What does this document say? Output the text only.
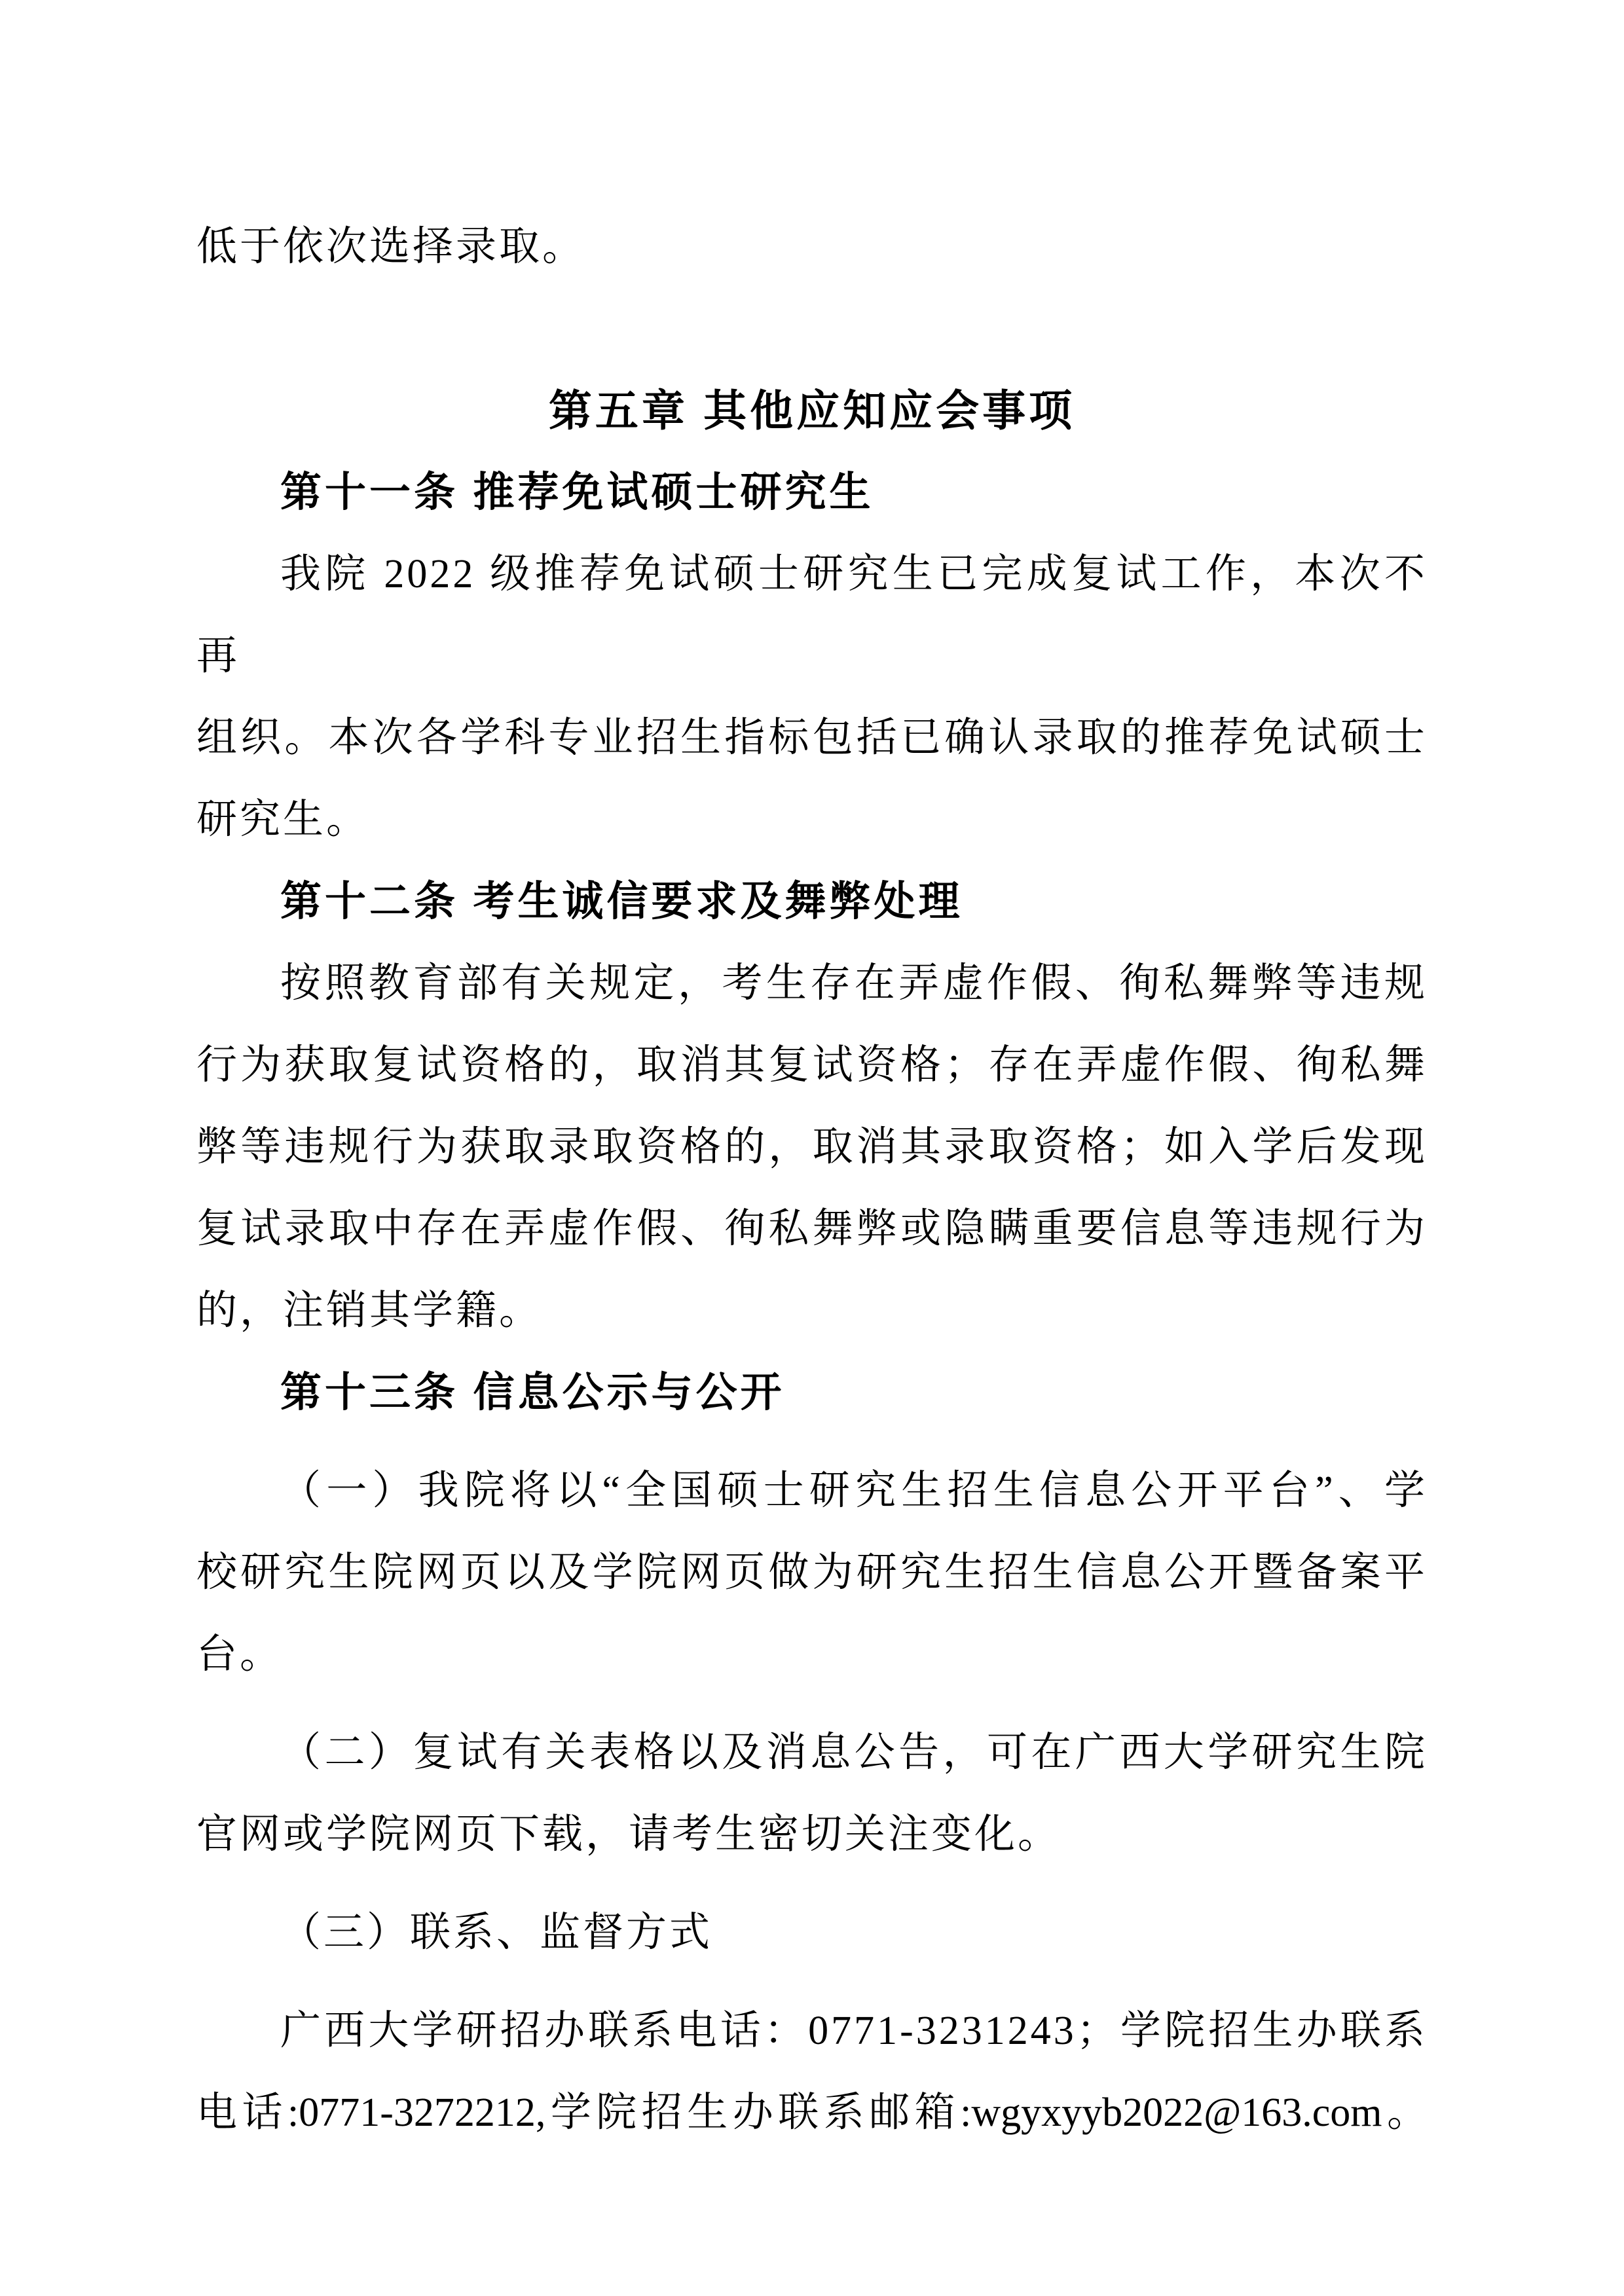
低于依次选择录取。
第五章 其他应知应会事项
第十一条 推荐免试硕士研究生
我院 2022 级推荐免试硕士研究生已完成复试工作，本次不再
组织。本次各学科专业招生指标包括已确认录取的推荐免试硕士
研究生。
第十二条 考生诚信要求及舞弊处理
按照教育部有关规定，考生存在弄虚作假、徇私舞弊等违规
行为获取复试资格的，取消其复试资格；存在弄虚作假、徇私舞
弊等违规行为获取录取资格的，取消其录取资格；如入学后发现
复试录取中存在弄虚作假、徇私舞弊或隐瞒重要信息等违规行为
的，注销其学籍。
第十三条 信息公示与公开
（一）我院将以“全国硕士研究生招生信息公开平台”、学
校研究生院网页以及学院网页做为研究生招生信息公开暨备案平
台。
（二）复试有关表格以及消息公告，可在广西大学研究生院
官网或学院网页下载，请考生密切关注变化。
（三）联系、监督方式
广西大学研招办联系电话：0771-3231243；学院招生办联系
电话:0771-3272212,学院招生办联系邮箱:wgyxyyb2022@163.com。
